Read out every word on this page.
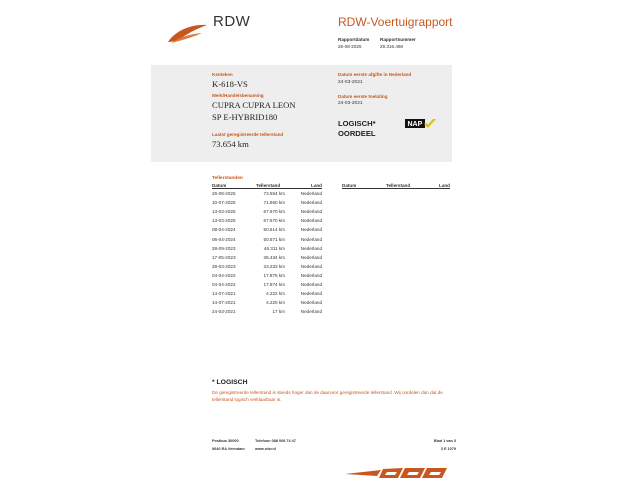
RDW	RDW-Voertuigrapport
Rapportdatum
26-08-2025
Rapportnummer
29.316.498
Kenteken
K-618-VS
Merk/Handelsbenaming
CUPRA CUPRA LEON
SP E-HYBRID180
Laatst geregistreerde tellerstand
73.654 km
Datum eerste afgifte in Nederland
24-03-2021
Datum eerste toelating
24-03-2021
LOGISCH*
OORDEEL
NAP
Tellerstanden
Datum	Tellerstand	Land
26-08-2025	73.654 km	Nederland
10-07-2025	71.860 km	Nederland
13-03-2025	67.670 km	Nederland
13-03-2025	67.670 km	Nederland
08-04-2024	50.614 km	Nederland
06-04-2024	50.571 km	Nederland
28-09-2023	46.311 km	Nederland
17-05-2023	36.434 km	Nederland
28-03-2023	33.233 km	Nederland
04-04-2022	17.875 km	Nederland
04-04-2022	17.874 km	Nederland
14-07-2021	4.222 km	Nederland
14-07-2021	4.220 km	Nederland
24-03-2021	17 km	Nederland
Datum	Tellerstand	Land
* LOGISCH
De geregistreerde tellerstand is steeds hoger dan de daarvoor geregistreerde tellerstand. Wij oordelen dan dat de tellerstand logisch verklaarbaar is.
Postbus 30000
9640 RA Veendam
Telefoon 088 008 74 47
www.rdw.nl
Blad 1 van 3
3 E 1079
